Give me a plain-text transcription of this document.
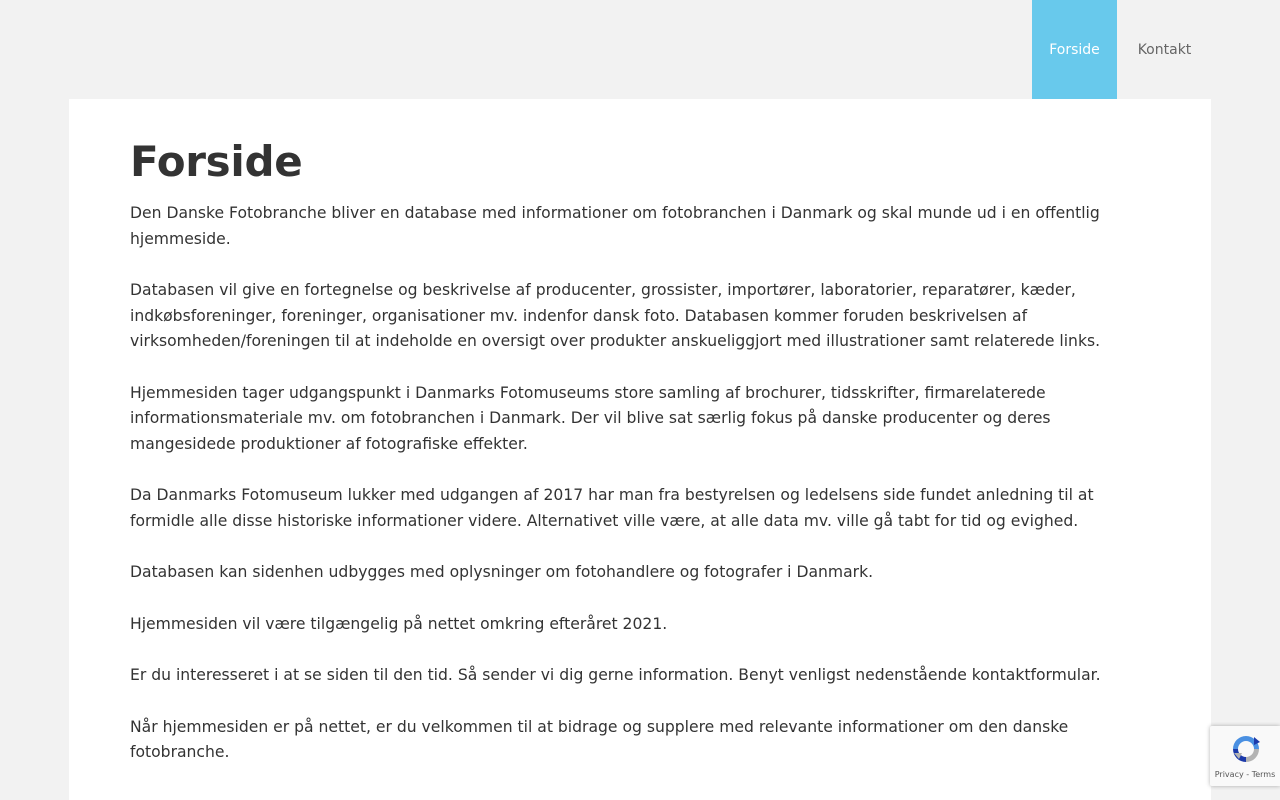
Forside	Kontakt
Forside

Den Danske Fotobranche bliver en database med informationer om fotobranchen i Danmark og skal munde ud i en offentlig hjemmeside.

Databasen vil give en fortegnelse og beskrivelse af producenter, grossister, importører, laboratorier, reparatører, kæder, indkøbsforeninger, foreninger, organisationer mv. indenfor dansk foto. Databasen kommer foruden beskrivelsen af virksomheden/foreningen til at indeholde en oversigt over produkter anskueliggjort med illustrationer samt relaterede links.

Hjemmesiden tager udgangspunkt i Danmarks Fotomuseums store samling af brochurer, tidsskrifter, firmarelaterede informationsmateriale mv. om fotobranchen i Danmark. Der vil blive sat særlig fokus på danske producenter og deres mangesidede produktioner af fotografiske effekter.

Da Danmarks Fotomuseum lukker med udgangen af 2017 har man fra bestyrelsen og ledelsens side fundet anledning til at formidle alle disse historiske informationer videre. Alternativet ville være, at alle data mv. ville gå tabt for tid og evighed.

Databasen kan sidenhen udbygges med oplysninger om fotohandlere og fotografer i Danmark.

Hjemmesiden vil være tilgængelig på nettet omkring efteråret 2021.

Er du interesseret i at se siden til den tid. Så sender vi dig gerne information. Benyt venligst nedenstående kontaktformular.

Når hjemmesiden er på nettet, er du velkommen til at bidrage og supplere med relevante informationer om den danske fotobranche.

Privacy - Terms
